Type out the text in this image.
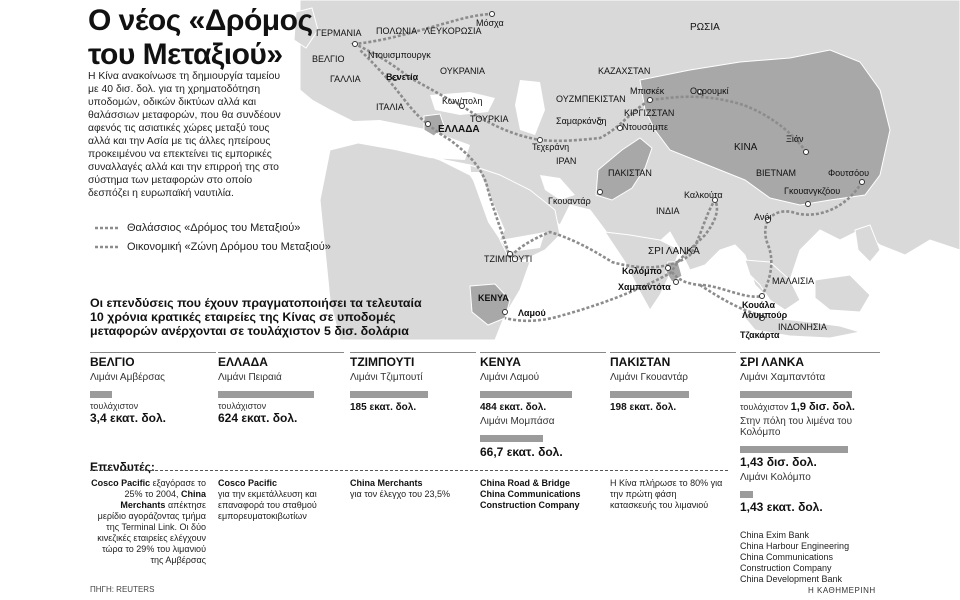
Ο νέος «Δρόμος
του Μεταξιού»
Η Κίνα ανακοίνωσε τη δημιουργία ταμείου με 40 δισ. δολ. για τη χρηματοδότηση υποδομών, οδικών δικτύων αλλά και θαλάσσιων μεταφορών, που θα συνδέουν αφενός τις ασιατικές χώρες μεταξύ τους αλλά και την Ασία με τις άλλες ηπείρους προκειμένου να επεκτείνει τις εμπορικές συναλλαγές αλλά και την επιρροή της στο σύστημα των μεταφορών στο οποίο δεσπόζει η ευρωπαϊκή ναυτιλία.
Θαλάσσιος «Δρόμος του Μεταξιού»
Οικονομική «Ζώνη Δρόμου του Μεταξιού»
Μόσχα	ΡΩΣΙΑ
ΓΕΡΜΑΝΙΑ ΠΟΛΩΝΙΑ ΛΕΥΚΟΡΩΣΙΑ
ΒΕΛΓΙΟ	Ντουισμπουργκ
ΟΥΚΡΑΝΙΑ
ΓΑΛΛΙΑ	Βενετία
ΙΤΑΛΙΑ
ΚΑΖΑΧΣΤΑΝ
ΟΥΖΜΠΕΚΙΣΤΑΝ
Μπισκέκ	Ουρουμκί
ΚΙΡΓΙΖΣΤΑΝ
Σαμαρκάνδη
Ντουσάμπε
Κων/πολη
ΤΟΥΡΚΙΑ
ΕΛΛΑΔΑ
Τεχεράνη
ΙΡΑΝ
Ξιάν
ΚΙΝΑ
ΠΑΚΙΣΤΑΝ	ΒΙΕΤΝΑΜ	Φουτσόου
Γκουανγκζόου
Γκουαντάρ
ΙΝΔΙΑ
Καλκούτα
Ανόι
ΣΡΙ ΛΑΝΚΑ
Κολόμπο
Χαμπαντότα
ΤΖΙΜΠΟΥΤΙ
ΚΕΝΥΑ
Λαμού
ΜΑΛΑΙΣΙΑ
Κουάλα Λουμπούρ
Τζακάρτα
ΙΝΔΟΝΗΣΙΑ
Οι επενδύσεις που έχουν πραγματοποιήσει τα τελευταία 10 χρόνια κρατικές εταιρείες της Κίνας σε υποδομές μεταφορών ανέρχονται σε τουλάχιστον 5 δισ. δολάρια
ΒΕΛΓΙΟ
Λιμάνι Αμβέρσας
τουλάχιστον
3,4 εκατ. δολ.
ΕΛΛΑΔΑ
Λιμάνι Πειραιά
τουλάχιστον
624 εκατ. δολ.
ΤΖΙΜΠΟΥΤΙ
Λιμάνι Τζιμπουτί
185 εκατ. δολ.
ΚΕΝΥΑ
Λιμάνι Λαμού
484 εκατ. δολ.
Λιμάνι Μομπάσα
66,7 εκατ. δολ.
ΠΑΚΙΣΤΑΝ
Λιμάνι Γκουαντάρ
198 εκατ. δολ.
ΣΡΙ ΛΑΝΚΑ
Λιμάνι Χαμπαντότα
τουλάχιστον 1,9 δισ. δολ.
Στην πόλη του λιμένα του Κολόμπο
1,43 δισ. δολ.
Λιμάνι Κολόμπο
1,43 εκατ. δολ.
Επενδυτές:
Cosco Pacific εξαγόρασε το 25% το 2004, China Merchants απέκτησε μερίδιο αγοράζοντας τμήμα της Terminal Link. Οι δύο κινεζικές εταιρείες ελέγχουν τώρα το 29% του λιμανιού της Αμβέρσας
Cosco Pacific
για την εκμετάλλευση και επαναφορά του σταθμού εμπορευματοκιβωτίων
China Merchants
για τον έλεγχο του 23,5%
China Road & Bridge
China Communications
Construction Company
Η Κίνα πλήρωσε το 80% για την πρώτη φάση κατασκευής του λιμανιού
China Exim Bank
China Harbour Engineering
China Communications
Construction Company
China Development Bank
ΠΗΓΗ: REUTERS	Η ΚΑΘΗΜΕΡΙΝΗ
